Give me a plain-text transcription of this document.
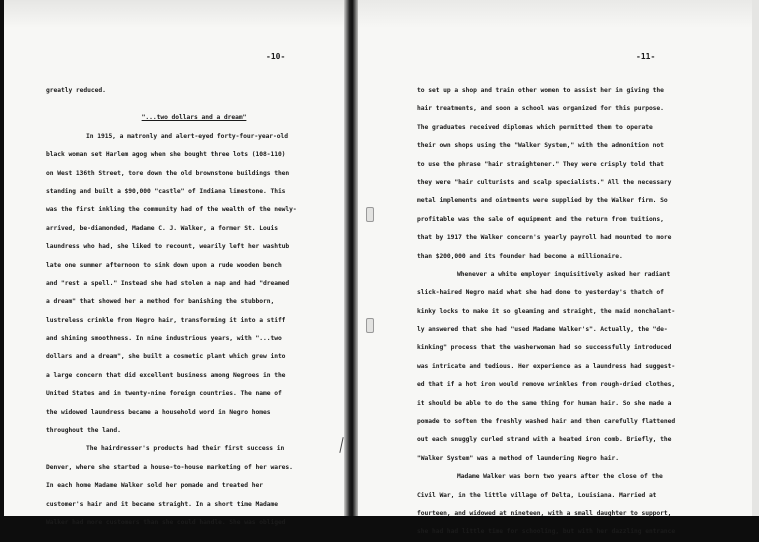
-10-
greatly reduced.
"...two dollars and a dream"
In 1915, a matronly and alert-eyed forty-four-year-old
black woman set Harlem agog when she bought three lots (108-110)
on West 136th Street, tore down the old brownstone buildings then
standing and built a $90,000 "castle" of Indiana limestone. This
was the first inkling the community had of the wealth of the newly-
arrived, be-diamonded, Madame C. J. Walker, a former St. Louis
laundress who had, she liked to recount, wearily left her washtub
late one summer afternoon to sink down upon a rude wooden bench
and "rest a spell." Instead she had stolen a nap and had "dreamed
a dream" that showed her a method for banishing the stubborn,
lustreless crinkle from Negro hair, transforming it into a stiff
and shining smoothness. In nine industrious years, with "...two
dollars and a dream", she built a cosmetic plant which grew into
a large concern that did excellent business among Negroes in the
United States and in twenty-nine foreign countries. The name of
the widowed laundress became a household word in Negro homes
throughout the land.
The hairdresser's products had their first success in
Denver, where she started a house-to-house marketing of her wares.
In each home Madame Walker sold her pomade and treated her
customer's hair and it became straight. In a short time Madame
Walker had more customers than she could handle. She was obliged
-11-
to set up a shop and train other women to assist her in giving the
hair treatments, and soon a school was organized for this purpose.
The graduates received diplomas which permitted them to operate
their own shops using the "Walker System," with the admonition not
to use the phrase "hair straightener." They were crisply told that
they were "hair culturists and scalp specialists." All the necessary
metal implements and ointments were supplied by the Walker firm. So
profitable was the sale of equipment and the return from tuitions,
that by 1917 the Walker concern's yearly payroll had mounted to more
than $200,000 and its founder had become a millionaire.
Whenever a white employer inquisitively asked her radiant
slick-haired Negro maid what she had done to yesterday's thatch of
kinky locks to make it so gleaming and straight, the maid nonchalant-
ly answered that she had "used Madame Walker's". Actually, the "de-
kinking" process that the washerwoman had so successfully introduced
was intricate and tedious. Her experience as a laundress had suggest-
ed that if a hot iron would remove wrinkles from rough-dried clothes,
it should be able to do the same thing for human hair. So she made a
pomade to soften the freshly washed hair and then carefully flattened
out each snuggly curled strand with a heated iron comb. Briefly, the
"Walker System" was a method of laundering Negro hair.
Madame Walker was born two years after the close of the
Civil War, in the little village of Delta, Louisiana. Married at
fourteen, and widowed at nineteen, with a small daughter to support,
she had had little time for schooling, but with her dazzling entrance
